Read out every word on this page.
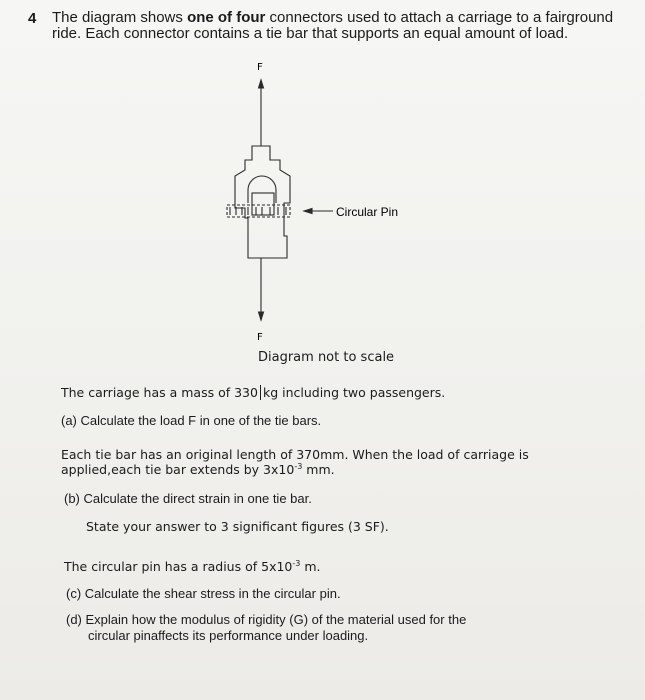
4 The diagram shows one of four connectors used to attach a carriage to a fairground ride. Each connector contains a tie bar that supports an equal amount of load.
F
Circular Pin
F
Diagram not to scale
The carriage has a mass of 330 kg including two passengers.
(a) Calculate the load F in one of the tie bars.
Each tie bar has an original length of 370mm. When the load of carriage is
applied,each tie bar extends by $3x10^{-3}$ mm.
(b) Calculate the direct strain in one tie bar.
State your answer to 3 significant figures (3 SF).
The circular pin has a radius of $5x10^{-3}$ m.
(c) Calculate the shear stress in the circular pin.
(d) Explain how the modulus of rigidity (G) of the material used for the
circular pinaffects its performance under loading.
